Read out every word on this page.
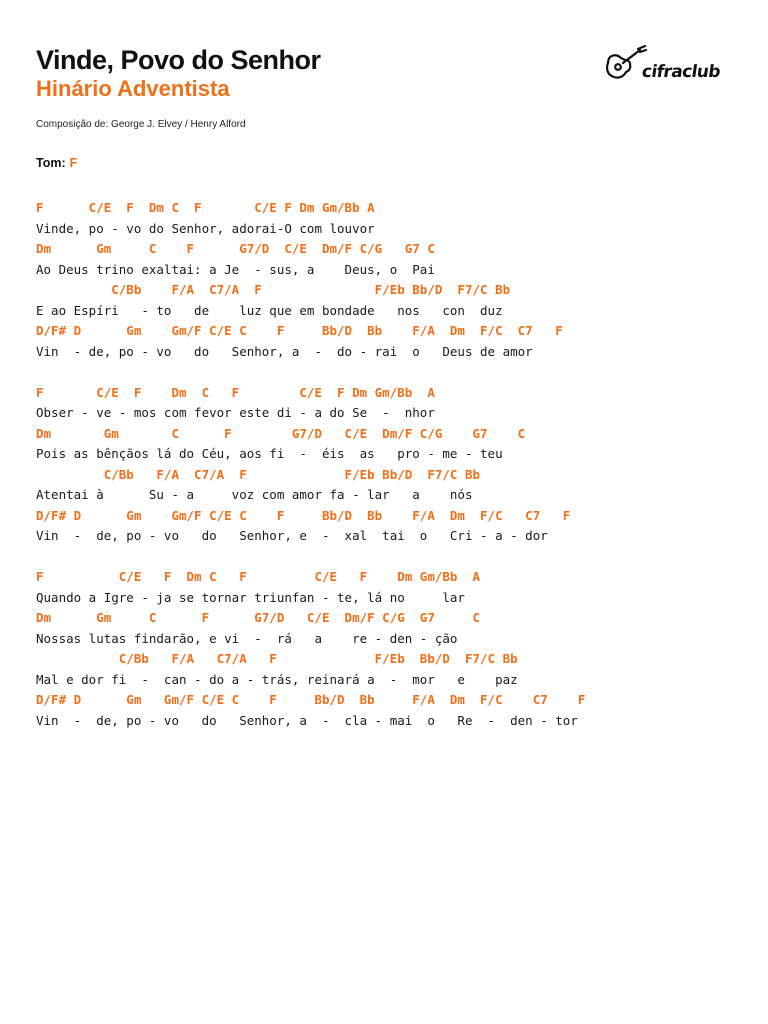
Vinde, Povo do Senhor
Hinário Adventista
Composição de: George J. Elvey / Henry Alford
cifraclub
Tom: F
F      C/E  F  Dm C  F       C/E F Dm Gm/Bb A
Vinde, po - vo do Senhor, adorai-O com louvor
Dm      Gm     C    F      G7/D  C/E  Dm/F C/G   G7 C
Ao Deus trino exaltai: a Je  - sus, a    Deus, o  Pai
C/Bb    F/A  C7/A  F               F/Eb Bb/D  F7/C Bb
E ao Espíri   - to   de    luz que em bondade   nos   con  duz
D/F# D      Gm    Gm/F C/E C    F     Bb/D  Bb    F/A  Dm  F/C  C7   F
Vin  - de, po - vo   do   Senhor, a  -  do - rai  o   Deus de amor
F       C/E  F    Dm  C   F        C/E  F Dm Gm/Bb  A
Obser - ve - mos com fevor este di - a do Se  -  nhor
Dm       Gm       C      F        G7/D   C/E  Dm/F C/G    G7    C
Pois as bênçãos lá do Céu, aos fi  -  éis  as   pro - me - teu
C/Bb   F/A  C7/A  F             F/Eb Bb/D  F7/C Bb
Atentai à      Su - a     voz com amor fa - lar   a    nós
D/F# D      Gm    Gm/F C/E C    F     Bb/D  Bb    F/A  Dm  F/C   C7   F
Vin  -  de, po - vo   do   Senhor, e  -  xal  tai  o   Cri - a - dor
F          C/E   F  Dm C   F         C/E   F    Dm Gm/Bb  A
Quando a Igre - ja se tornar triunfan - te, lá no     lar
Dm      Gm     C      F      G7/D   C/E  Dm/F C/G  G7     C
Nossas lutas findarão, e vi  -  rá   a    re - den - ção
C/Bb   F/A   C7/A   F             F/Eb  Bb/D  F7/C Bb
Mal e dor fi  -  can - do a - trás, reinará a  -  mor   e    paz
D/F# D      Gm   Gm/F C/E C    F     Bb/D  Bb     F/A  Dm  F/C    C7    F
Vin  -  de, po - vo   do   Senhor, a  -  cla - mai  o   Re  -  den - tor
